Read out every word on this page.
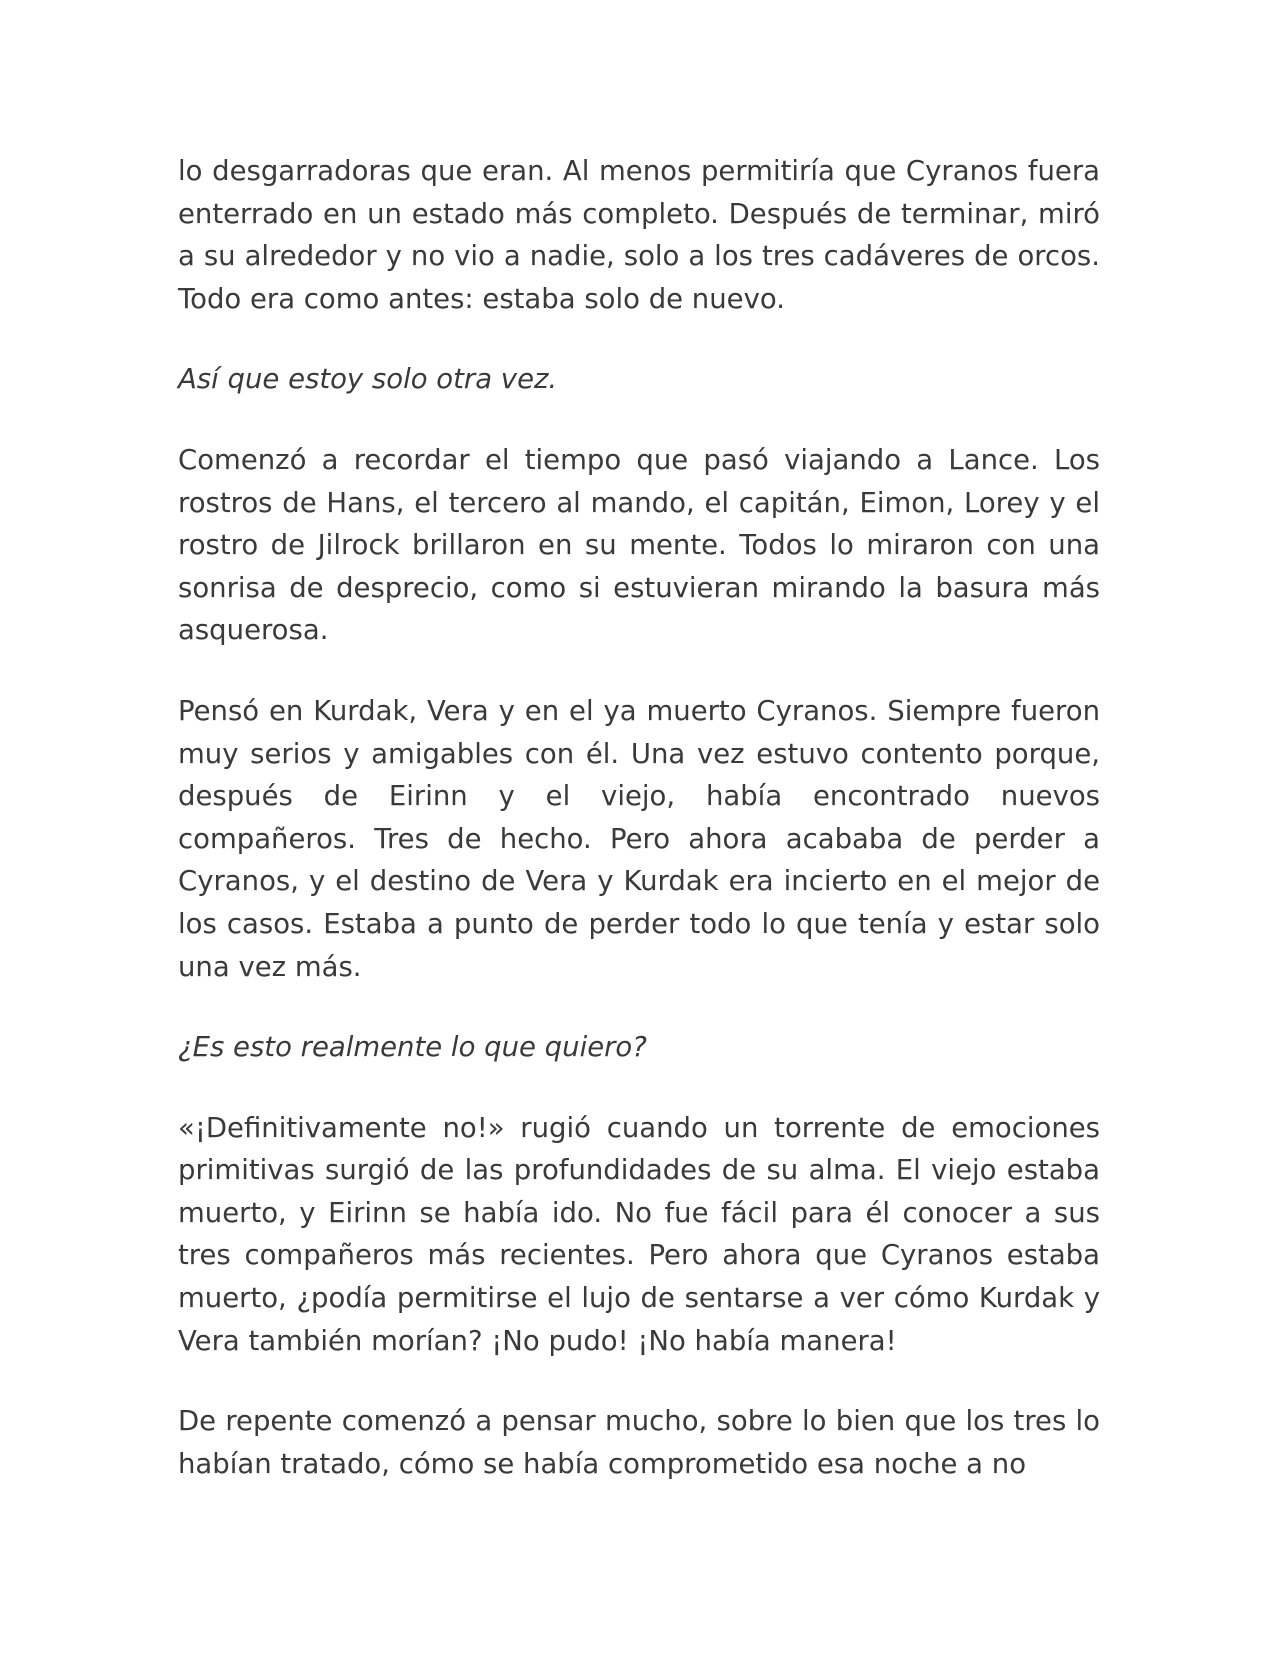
lo desgarradoras que eran. Al menos permitiría que Cyranos fuera enterrado en un estado más completo. Después de terminar, miró a su alrededor y no vio a nadie, solo a los tres cadáveres de orcos. Todo era como antes: estaba solo de nuevo.

Así que estoy solo otra vez.

Comenzó a recordar el tiempo que pasó viajando a Lance. Los rostros de Hans, el tercero al mando, el capitán, Eimon, Lorey y el rostro de Jilrock brillaron en su mente. Todos lo miraron con una sonrisa de desprecio, como si estuvieran mirando la basura más asquerosa.

Pensó en Kurdak, Vera y en el ya muerto Cyranos. Siempre fueron muy serios y amigables con él. Una vez estuvo contento porque, después de Eirinn y el viejo, había encontrado nuevos compañeros. Tres de hecho. Pero ahora acababa de perder a Cyranos, y el destino de Vera y Kurdak era incierto en el mejor de los casos. Estaba a punto de perder todo lo que tenía y estar solo una vez más.

¿Es esto realmente lo que quiero?

«¡Definitivamente no!» rugió cuando un torrente de emociones primitivas surgió de las profundidades de su alma. El viejo estaba muerto, y Eirinn se había ido. No fue fácil para él conocer a sus tres compañeros más recientes. Pero ahora que Cyranos estaba muerto, ¿podía permitirse el lujo de sentarse a ver cómo Kurdak y Vera también morían? ¡No pudo! ¡No había manera!

De repente comenzó a pensar mucho, sobre lo bien que los tres lo habían tratado, cómo se había comprometido esa noche a no
